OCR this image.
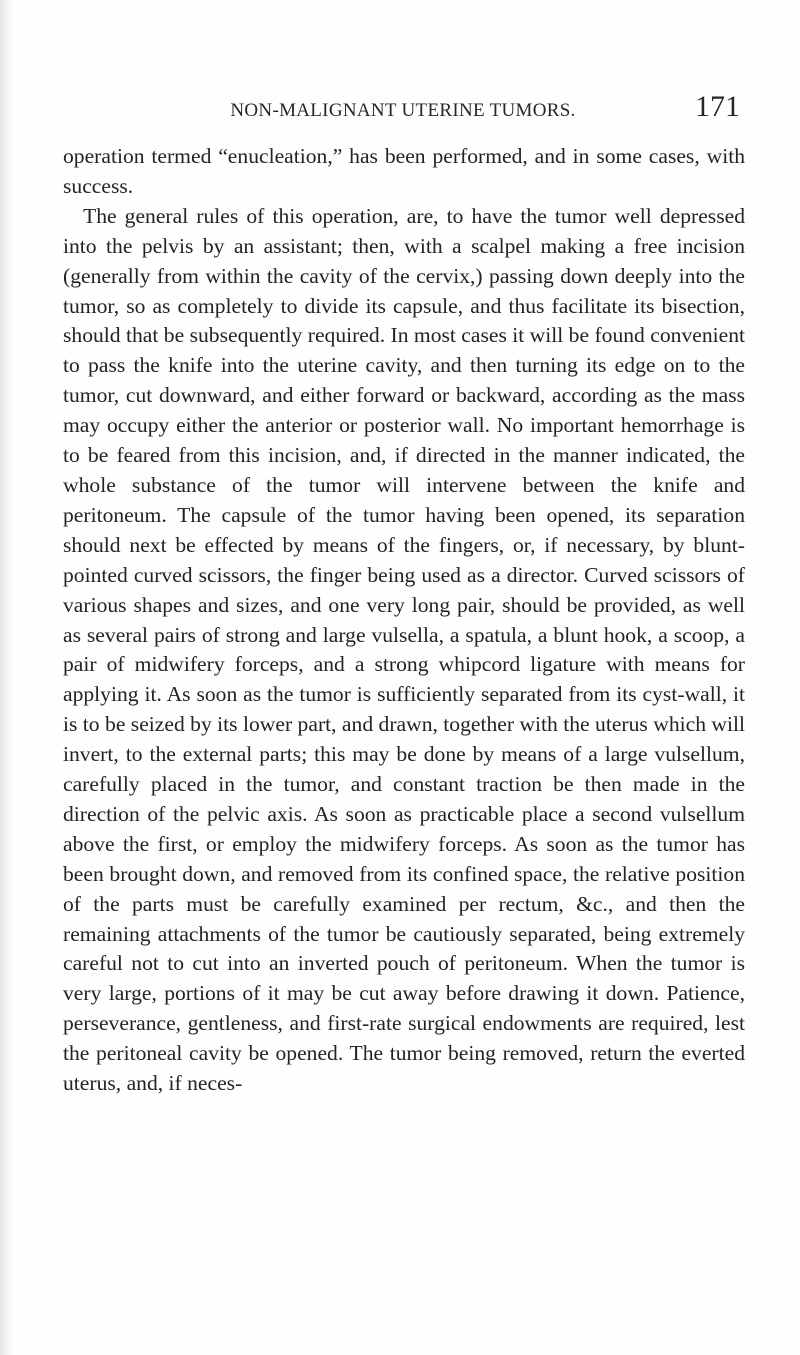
NON-MALIGNANT UTERINE TUMORS.	171
operation termed “enucleation,” has been performed, and in some cases, with success.
The general rules of this operation, are, to have the tumor well depressed into the pelvis by an assistant; then, with a scalpel making a free incision (generally from within the cavity of the cervix,) passing down deeply into the tumor, so as completely to divide its capsule, and thus facilitate its bisection, should that be subsequently required. In most cases it will be found convenient to pass the knife into the uterine cavity, and then turning its edge on to the tumor, cut downward, and either forward or backward, according as the mass may occupy either the anterior or posterior wall. No important hemorrhage is to be feared from this incision, and, if directed in the manner indicated, the whole substance of the tumor will intervene between the knife and peritoneum. The capsule of the tumor having been opened, its separation should next be effected by means of the fingers, or, if necessary, by blunt-pointed curved scissors, the finger being used as a director. Curved scissors of various shapes and sizes, and one very long pair, should be provided, as well as several pairs of strong and large vulsella, a spatula, a blunt hook, a scoop, a pair of midwifery forceps, and a strong whipcord ligature with means for applying it. As soon as the tumor is sufficiently separated from its cyst-wall, it is to be seized by its lower part, and drawn, together with the uterus which will invert, to the external parts; this may be done by means of a large vulsellum, carefully placed in the tumor, and constant traction be then made in the direction of the pelvic axis. As soon as practicable place a second vulsellum above the first, or employ the midwifery forceps. As soon as the tumor has been brought down, and removed from its confined space, the relative position of the parts must be carefully examined per rectum, &c., and then the remaining attachments of the tumor be cautiously separated, being extremely careful not to cut into an inverted pouch of peritoneum. When the tumor is very large, portions of it may be cut away before drawing it down. Patience, perseverance, gentleness, and first-rate surgical endowments are required, lest the peritoneal cavity be opened. The tumor being removed, return the everted uterus, and, if neces-
